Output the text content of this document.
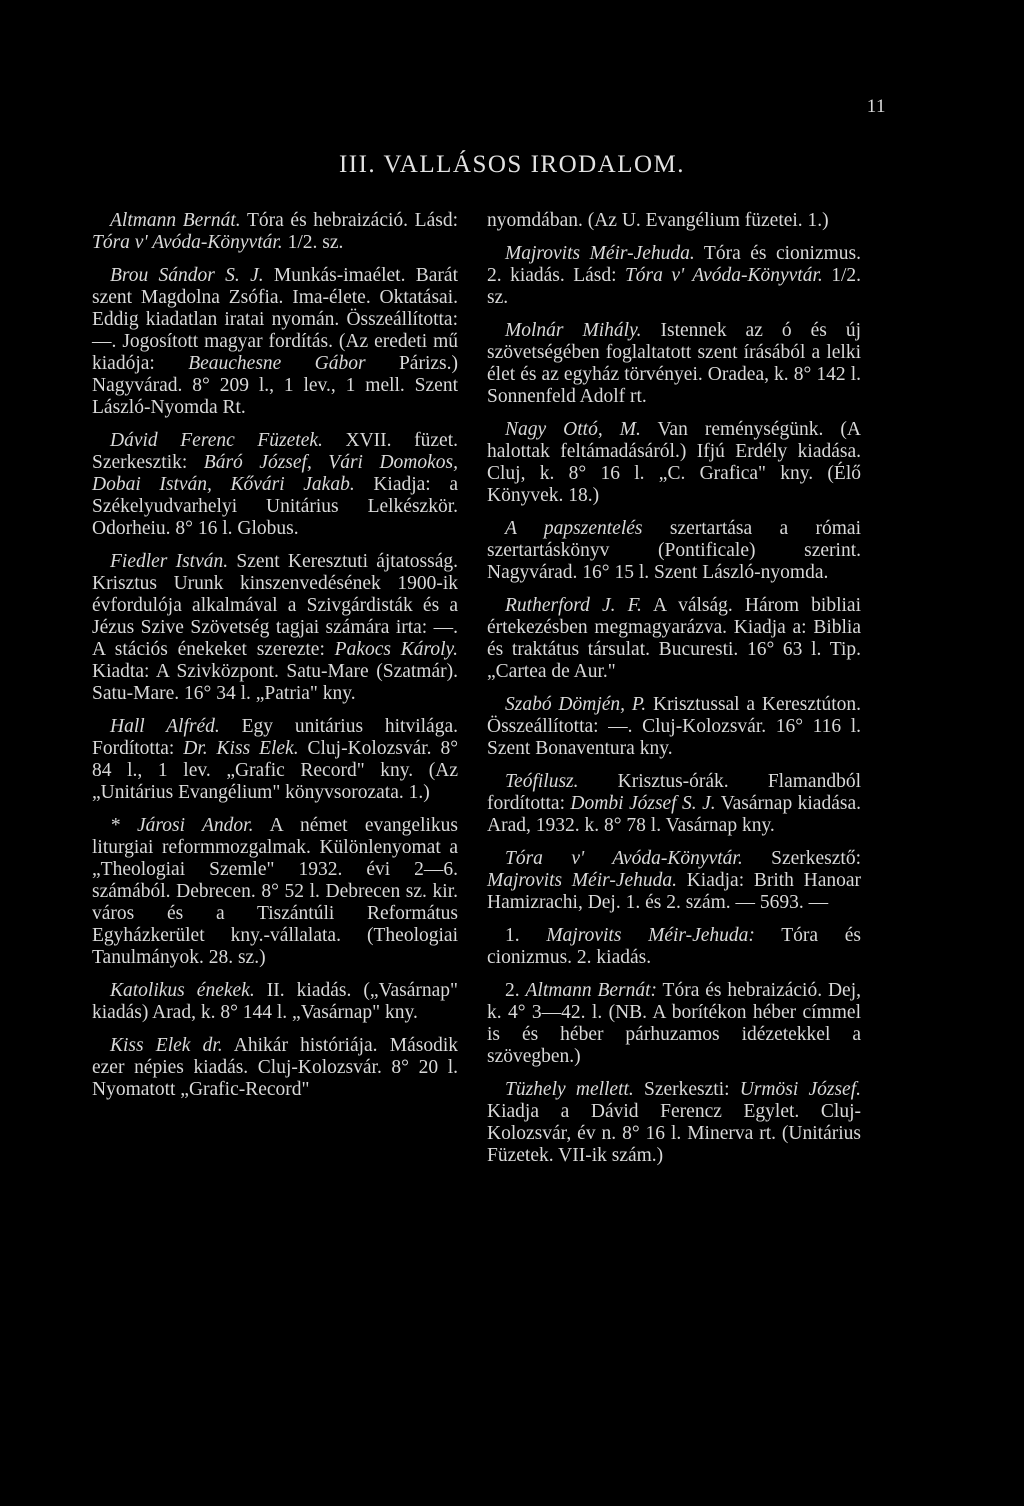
11
III. VALLÁSOS IRODALOM.

Altmann Bernát. Tóra és hebraizáció. Lásd: Tóra v' Avóda-Könyvtár. 1/2. sz.

Brou Sándor S. J. Munkás-imaélet. Barát szent Magdolna Zsófia. Ima-élete. Oktatásai. Eddig kiadatlan iratai nyomán. Összeállította: —. Jogosított magyar fordítás. (Az eredeti mű kiadója: Beauchesne Gábor Párizs.) Nagyvárad. 8° 209 l., 1 lev., 1 mell. Szent László-Nyomda Rt.

Dávid Ferenc Füzetek. XVII. füzet. Szerkesztik: Báró József, Vári Domokos, Dobai István, Kővári Jakab. Kiadja: a Székelyudvarhelyi Unitárius Lelkészkör. Odorheiu. 8° 16 l. Globus.

Fiedler István. Szent Keresztuti ájtatosság. Krisztus Urunk kinszenvedésének 1900-ik évfordulója alkalmával a Szivgárdisták és a Jézus Szive Szövetség tagjai számára irta: —. A stációs énekeket szerezte: Pakocs Károly. Kiadta: A Szivközpont. Satu-Mare (Szatmár). Satu-Mare. 16° 34 l. „Patria" kny.

Hall Alfréd. Egy unitárius hitvilága. Fordította: Dr. Kiss Elek. Cluj-Kolozsvár. 8° 84 l., 1 lev. „Grafic Record" kny. (Az „Unitárius Evangélium" könyvsorozata. 1.)

* Járosi Andor. A német evangelikus liturgiai reformmozgalmak. Különlenyomat a „Theologiai Szemle" 1932. évi 2—6. számából. Debrecen. 8° 52 l. Debrecen sz. kir. város és a Tiszántúli Református Egyházkerület kny.-vállalata. (Theologiai Tanulmányok. 28. sz.)

Katolikus énekek. II. kiadás. („Vasárnap" kiadás) Arad, k. 8° 144 l. „Vasárnap" kny.

Kiss Elek dr. Ahikár históriája. Második ezer népies kiadás. Cluj-Kolozsvár. 8° 20 l. Nyomatott „Grafic-Record"

nyomdában. (Az U. Evangélium füzetei. 1.)

Majrovits Méir-Jehuda. Tóra és cionizmus. 2. kiadás. Lásd: Tóra v' Avóda-Könyvtár. 1/2. sz.

Molnár Mihály. Istennek az ó és új szövetségében foglaltatott szent írásából a lelki élet és az egyház törvényei. Oradea, k. 8° 142 l. Sonnenfeld Adolf rt.

Nagy Ottó, M. Van reménységünk. (A halottak feltámadásáról.) Ifjú Erdély kiadása. Cluj, k. 8° 16 l. „C. Grafica" kny. (Élő Könyvek. 18.)

A papszentelés szertartása a római szertartáskönyv (Pontificale) szerint. Nagyvárad. 16° 15 l. Szent László-nyomda.

Rutherford J. F. A válság. Három bibliai értekezésben megmagyarázva. Kiadja a: Biblia és traktátus társulat. Bucuresti. 16° 63 l. Tip. „Cartea de Aur."

Szabó Dömjén, P. Krisztussal a Keresztúton. Összeállította: —. Cluj-Kolozsvár. 16° 116 l. Szent Bonaventura kny.

Teófilusz. Krisztus-órák. Flamandból fordította: Dombi József S. J. Vasárnap kiadása. Arad, 1932. k. 8° 78 l. Vasárnap kny.

Tóra v' Avóda-Könyvtár. Szerkesztő: Majrovits Méir-Jehuda. Kiadja: Brith Hanoar Hamizrachi, Dej. 1. és 2. szám. — 5693. —

1. Majrovits Méir-Jehuda: Tóra és cionizmus. 2. kiadás.

2. Altmann Bernát: Tóra és hebraizáció. Dej, k. 4° 3—42. l. (NB. A borítékon héber címmel is és héber párhuzamos idézetekkel a szövegben.)

Tüzhely mellett. Szerkeszti: Urmösi József. Kiadja a Dávid Ferencz Egylet. Cluj-Kolozsvár, év n. 8° 16 l. Minerva rt. (Unitárius Füzetek. VII-ik szám.)
